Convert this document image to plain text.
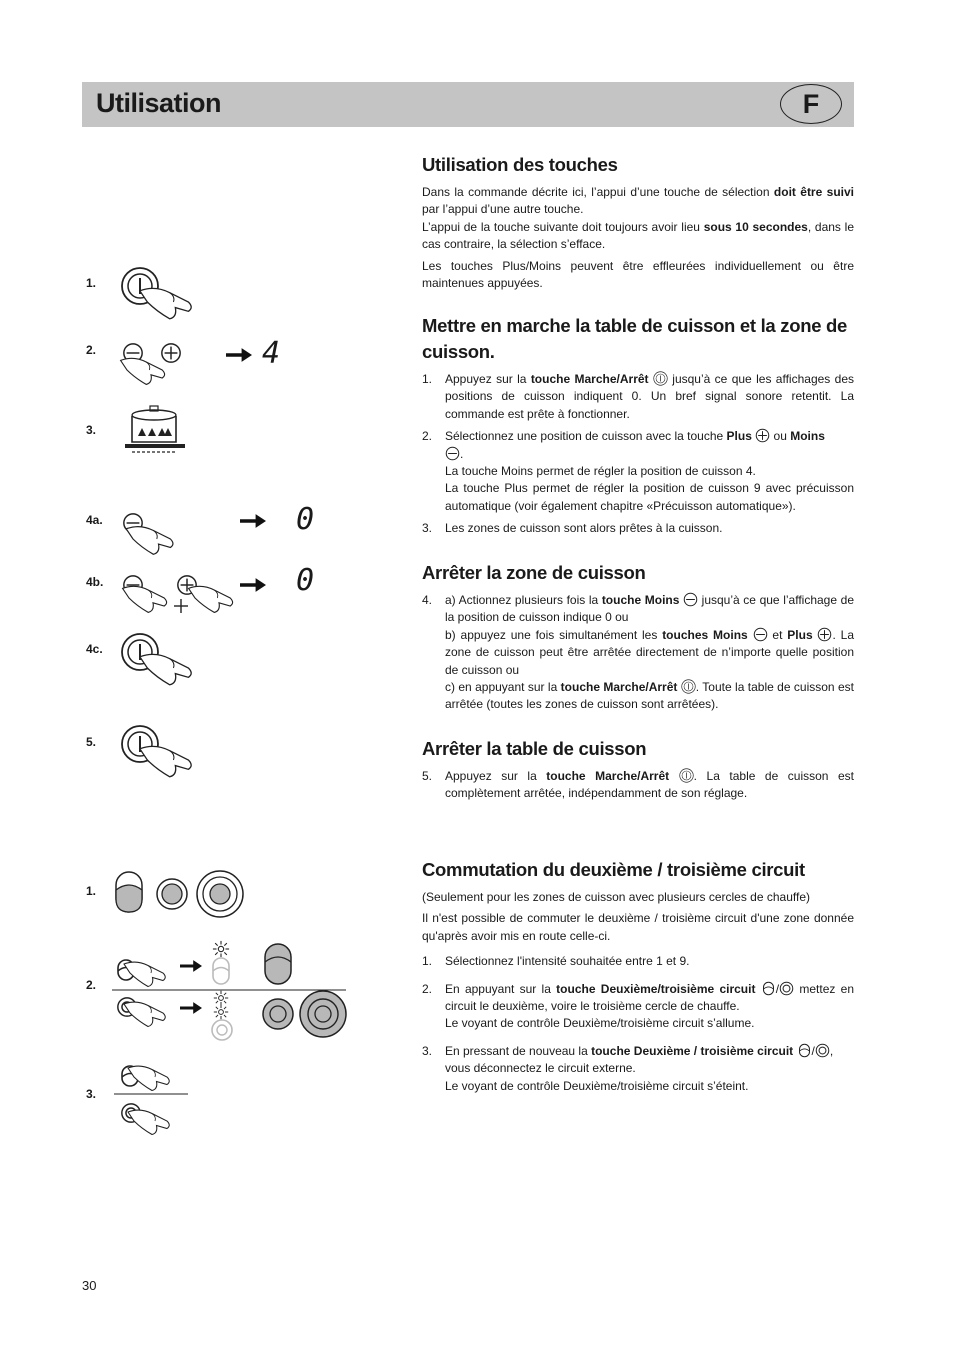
Utilisation	F
1.
2.	4
3.
4a.	0
4b.	0
4c.
5.
1.
2.
3.
Utilisation des touches

Dans la commande décrite ici, l’appui d’une touche de sélection doit être suivi par l’appui d’une autre touche.
L’appui de la touche suivante doit toujours avoir lieu sous 10 secondes, dans le cas contraire, la sélection s’efface.

Les touches Plus/Moins peuvent être effleurées individuellement ou être maintenues appuyées.

Mettre en marche la table de cuisson et la zone de cuisson.
1. Appuyez sur la touche Marche/Arrêt
jusqu’à ce que les affichages des positions de cuisson indiquent 0. Un bref signal sonore retentit. La commande est prête à fonctionner.
2. Sélectionnez une position de cuisson avec la touche Plus
ou Moins

.
La touche Moins permet de régler la position de cuisson 4.
La touche Plus permet de régler la position de cuisson 9 avec précuisson automatique (voir également chapitre «Précuisson automatique»).
3. Les zones de cuisson sont alors prêtes à la cuisson.
Arrêter la zone de cuisson
4. a) Actionnez plusieurs fois la touche Moins
jusqu’à ce que l’affichage de la position de cuisson indique 0 ou
b) appuyez une fois simultanément les touches Moins
et Plus . La zone de cuisson peut être arrêtée directement de n’importe quelle position de cuisson ou
c) en appuyant sur la touche Marche/Arrêt . Toute la table de cuisson est arrêtée (toutes les zones de cuisson sont arrêtées).
Arrêter la table de cuisson
5. Appuyez sur la touche Marche/Arrêt . La table de cuisson est complètement arrêtée, indépendamment de son réglage.
Commutation du deuxième / troisième circuit

(Seulement pour les zones de cuisson avec plusieurs cercles de chauffe)

Il n'est possible de commuter le deuxième / troisième circuit d'une zone donnée qu'après avoir mis en route celle-ci.

1. Sélectionnez l'intensité souhaitée entre 1 et 9.
2. En appuyant sur la touche Deuxième/troisième circuit /
mettez en circuit le deuxième, voire le troisième cercle de chauffe.
Le voyant de contrôle Deuxième/troisième circuit s’allume.
3. En pressant de nouveau la touche Deuxième / troisième circuit / ,
vous déconnectez le circuit externe.
Le voyant de contrôle Deuxième/troisième circuit s’éteint.
30
